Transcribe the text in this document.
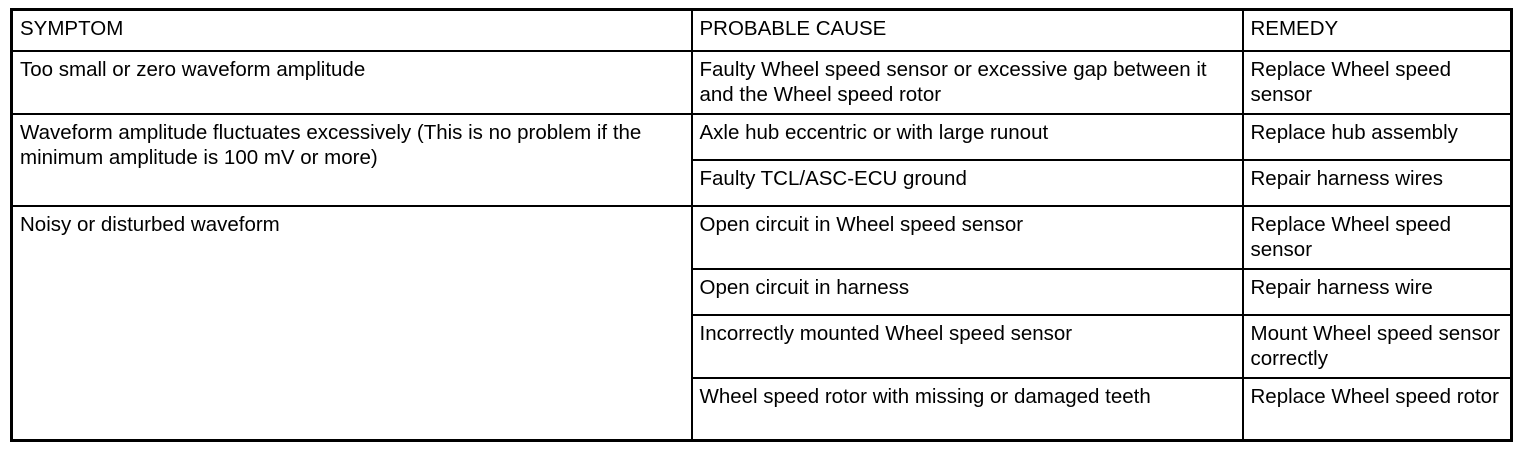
SYMPTOM	PROBABLE CAUSE	REMEDY
Too small or zero waveform amplitude	Faulty Wheel speed sensor or excessive gap between it and the Wheel speed rotor	Replace Wheel speed sensor
Waveform amplitude fluctuates excessively (This is no problem if the minimum amplitude is 100 mV or more)	Axle hub eccentric or with large runout	Replace hub assembly
	Faulty TCL/ASC-ECU ground	Repair harness wires
Noisy or disturbed waveform	Open circuit in Wheel speed sensor	Replace Wheel speed sensor
	Open circuit in harness	Repair harness wire
	Incorrectly mounted Wheel speed sensor	Mount Wheel speed sensor correctly
	Wheel speed rotor with missing or damaged teeth	Replace Wheel speed rotor
